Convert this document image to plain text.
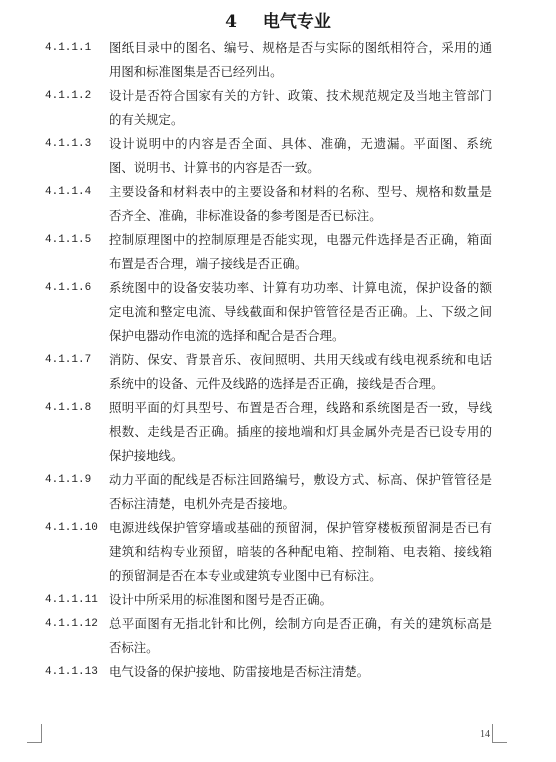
4 电气专业
4.1.1.1 图纸目录中的图名、编号、规格是否与实际的图纸相符合，采用的通用图和标准图集是否已经列出。
4.1.1.2 设计是否符合国家有关的方针、政策、技术规范规定及当地主管部门的有关规定。
4.1.1.3 设计说明中的内容是否全面、具体、准确，无遗漏。平面图、系统图、说明书、计算书的内容是否一致。
4.1.1.4 主要设备和材料表中的主要设备和材料的名称、型号、规格和数量是否齐全、准确，非标准设备的参考图是否已标注。
4.1.1.5 控制原理图中的控制原理是否能实现，电器元件选择是否正确，箱面布置是否合理，端子接线是否正确。
4.1.1.6 系统图中的设备安装功率、计算有功功率、计算电流，保护设备的额定电流和整定电流、导线截面和保护管管径是否正确。上、下级之间保护电器动作电流的选择和配合是否合理。
4.1.1.7 消防、保安、背景音乐、夜间照明、共用天线或有线电视系统和电话系统中的设备、元件及线路的选择是否正确，接线是否合理。
4.1.1.8 照明平面的灯具型号、布置是否合理，线路和系统图是否一致，导线根数、走线是否正确。插座的接地端和灯具金属外壳是否已设专用的保护接地线。
4.1.1.9 动力平面的配线是否标注回路编号，敷设方式、标高、保护管管径是否标注清楚，电机外壳是否接地。
4.1.1.10 电源进线保护管穿墙或基础的预留洞，保护管穿楼板预留洞是否已有建筑和结构专业预留，暗装的各种配电箱、控制箱、电表箱、接线箱的预留洞是否在本专业或建筑专业图中已有标注。
4.1.1.11 设计中所采用的标准图和图号是否正确。
4.1.1.12 总平面图有无指北针和比例，绘制方向是否正确，有关的建筑标高是否标注。
4.1.1.13 电气设备的保护接地、防雷接地是否标注清楚。
14
